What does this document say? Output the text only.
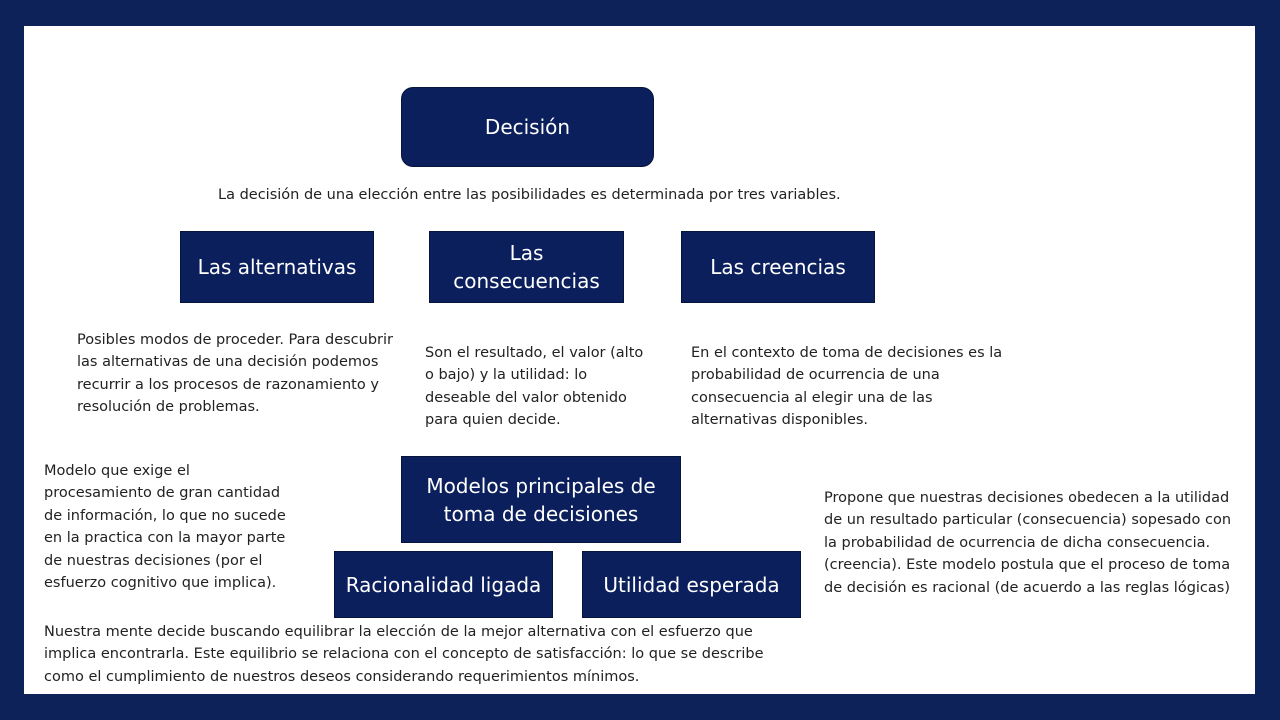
Decisión
La decisión de una elección entre las posibilidades es determinada por tres variables.
Las alternativas
Las consecuencias
Las creencias
Posibles modos de proceder. Para descubrir las alternativas de una decisión podemos recurrir a los procesos de razonamiento y resolución de problemas.
Son el resultado, el valor (alto o bajo) y la utilidad: lo deseable del valor obtenido para quien decide.
En el contexto de toma de decisiones es la probabilidad de ocurrencia de una consecuencia al elegir una de las alternativas disponibles.
Modelos principales de toma de decisiones
Racionalidad ligada	Utilidad esperada
Modelo que exige el procesamiento de gran cantidad de información, lo que no sucede en la practica con la mayor parte de nuestras decisiones (por el esfuerzo cognitivo que implica).
Propone que nuestras decisiones obedecen a la utilidad de un resultado particular (consecuencia) sopesado con la probabilidad de ocurrencia de dicha consecuencia. (creencia). Este modelo postula que el proceso de toma de decisión es racional (de acuerdo a las reglas lógicas)
Nuestra mente decide buscando equilibrar la elección de la mejor alternativa con el esfuerzo que implica encontrarla. Este equilibrio se relaciona con el concepto de satisfacción: lo que se describe como el cumplimiento de nuestros deseos considerando requerimientos mínimos.
